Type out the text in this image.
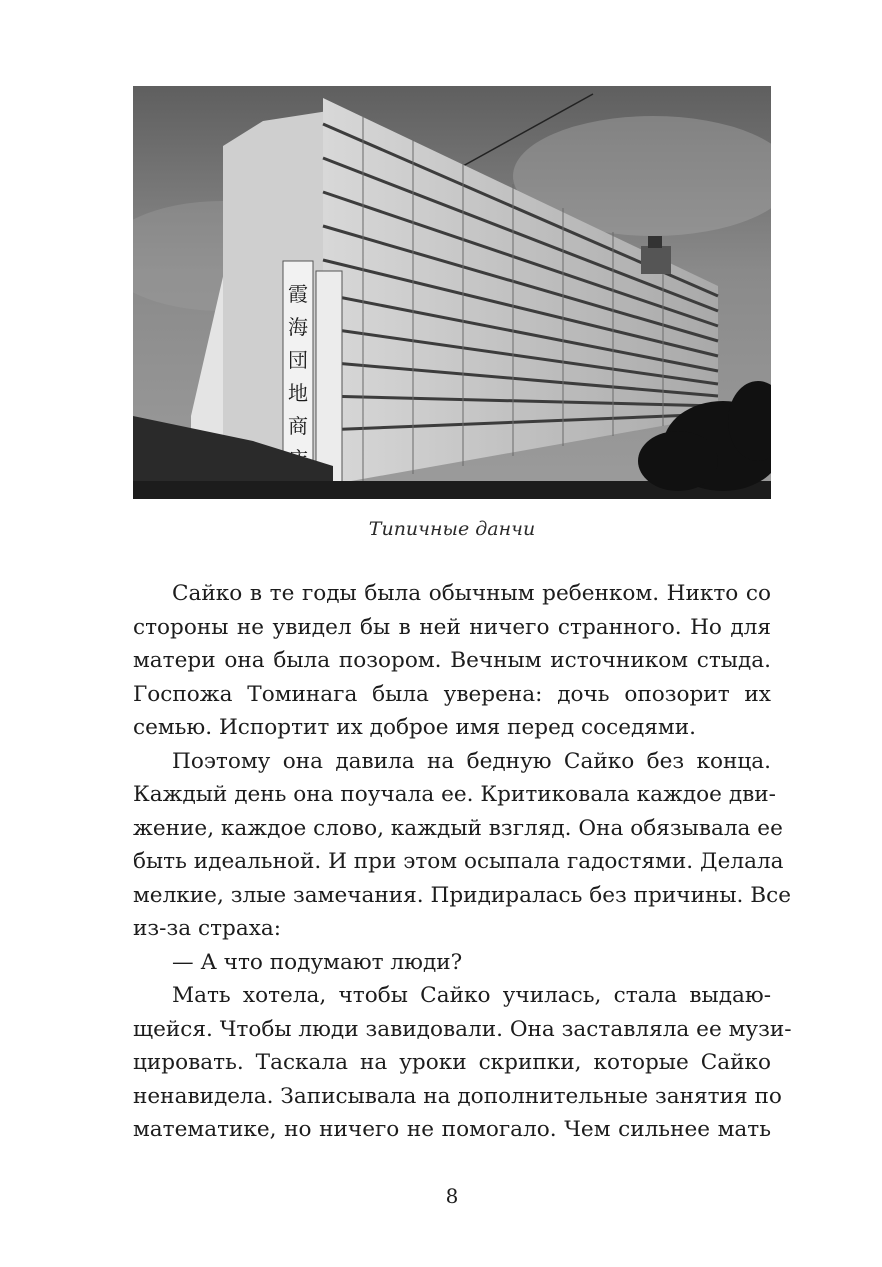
霞
海
団
地
商
Типичные данчи
Сайко в те годы была обычным ребенком. Никто со
стороны не увидел бы в ней ничего странного. Но для
матери она была позором. Вечным источником стыда.
Госпожа Томинага была уверена: дочь опозорит их
семью. Испортит их доброе имя перед соседями.
Поэтому она давила на бедную Сайко без конца.
Каждый день она поучала ее. Критиковала каждое дви-
жение, каждое слово, каждый взгляд. Она обязывала ее
быть идеальной. И при этом осыпала гадостями. Делала
мелкие, злые замечания. Придиралась без причины. Все
из-за страха:
— А что подумают люди?
Мать хотела, чтобы Сайко училась, стала выдаю-
щейся. Чтобы люди завидовали. Она заставляла ее музи-
цировать. Таскала на уроки скрипки, которые Сайко
ненавидела. Записывала на дополнительные занятия по
математике, но ничего не помогало. Чем сильнее мать
8
